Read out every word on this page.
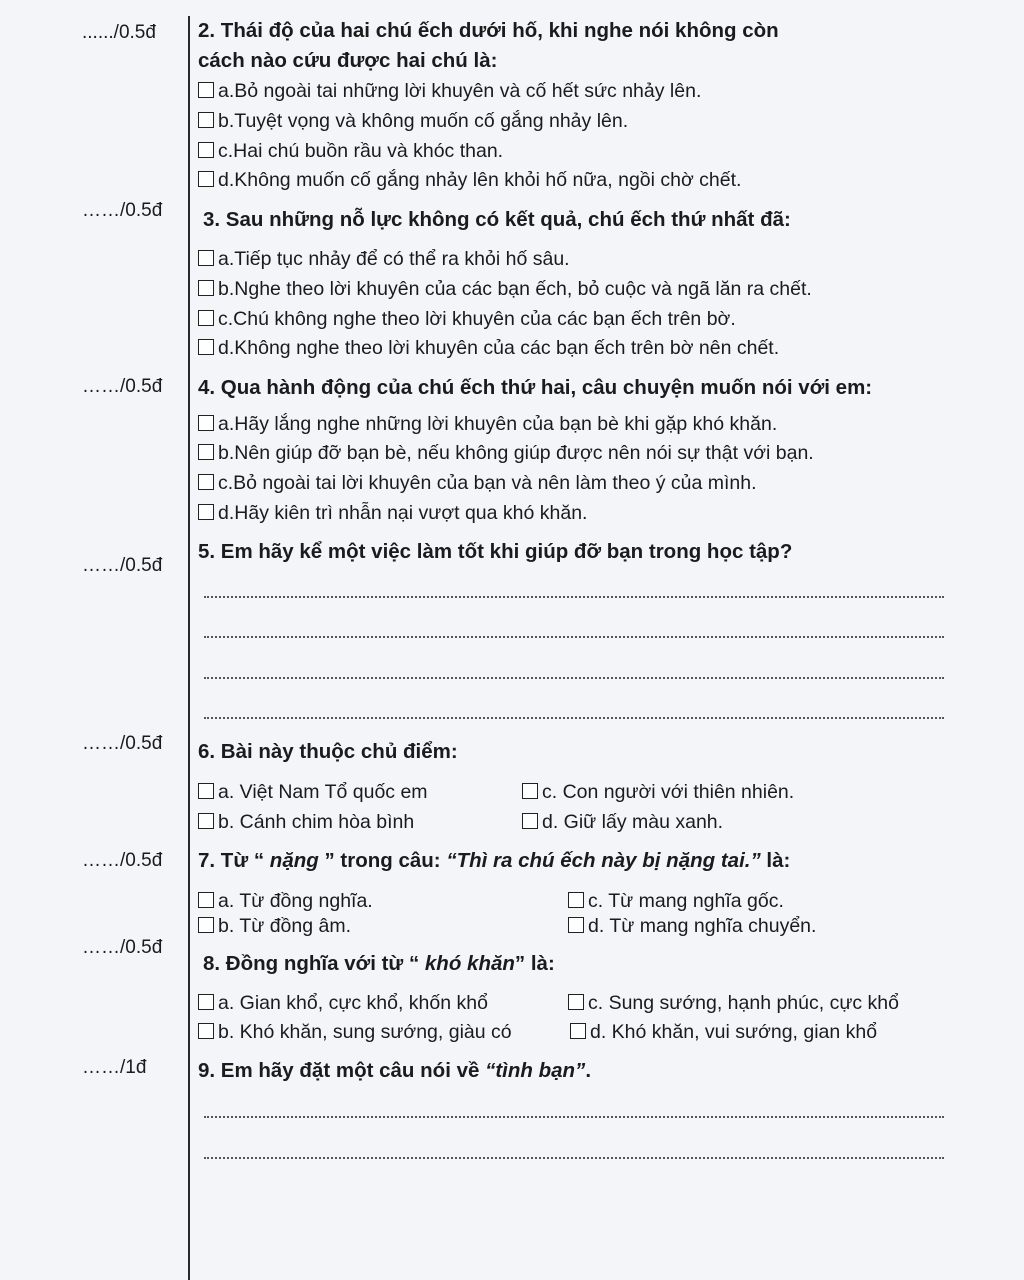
....../0.5đ
……/0.5đ
……/0.5đ
……/0.5đ
……/0.5đ
……/0.5đ
……/0.5đ
……/1đ
2. Thái độ của hai chú ếch dưới hố, khi nghe nói không còn
cách nào cứu được hai chú là:
a.Bỏ ngoài tai những lời khuyên và cố hết sức nhảy lên.
b.Tuyệt vọng và không muốn cố gắng nhảy lên.
c.Hai chú buồn rầu và khóc than.
d.Không muốn cố gắng nhảy lên khỏi hố nữa, ngồi chờ chết.
3. Sau những nỗ lực không có kết quả, chú ếch thứ nhất đã:
a.Tiếp tục nhảy để có thể ra khỏi hố sâu.
b.Nghe theo lời khuyên của các bạn ếch, bỏ cuộc và ngã lăn ra chết.
c.Chú không nghe theo lời khuyên của các bạn ếch trên bờ.
d.Không nghe theo lời khuyên của các bạn ếch trên bờ nên chết.
4. Qua hành động của chú ếch thứ hai, câu chuyện muốn nói với em:
a.Hãy lắng nghe những lời khuyên của bạn bè khi gặp khó khăn.
b.Nên giúp đỡ bạn bè, nếu không giúp được nên nói sự thật với bạn.
c.Bỏ ngoài tai lời khuyên của bạn và nên làm theo ý của mình.
d.Hãy kiên trì nhẫn nại vượt qua khó khăn.
5. Em hãy kể một việc làm tốt khi giúp đỡ bạn trong học tập?
6. Bài này thuộc chủ điểm:
a. Việt Nam Tổ quốc em
b. Cánh chim hòa bình
c. Con người với thiên nhiên.
d. Giữ lấy màu xanh.
7. Từ “ nặng ” trong câu: “Thì ra chú ếch này bị nặng tai.” là:
a. Từ đồng nghĩa.
b. Từ đồng âm.
c. Từ mang nghĩa gốc.
d. Từ mang nghĩa chuyển.
8. Đồng nghĩa với từ “ khó khăn” là:
a. Gian khổ, cực khổ, khốn khổ
b. Khó khăn, sung sướng, giàu có
c. Sung sướng, hạnh phúc, cực khổ
d. Khó khăn, vui sướng, gian khổ
9. Em hãy đặt một câu nói về “tình bạn”.
